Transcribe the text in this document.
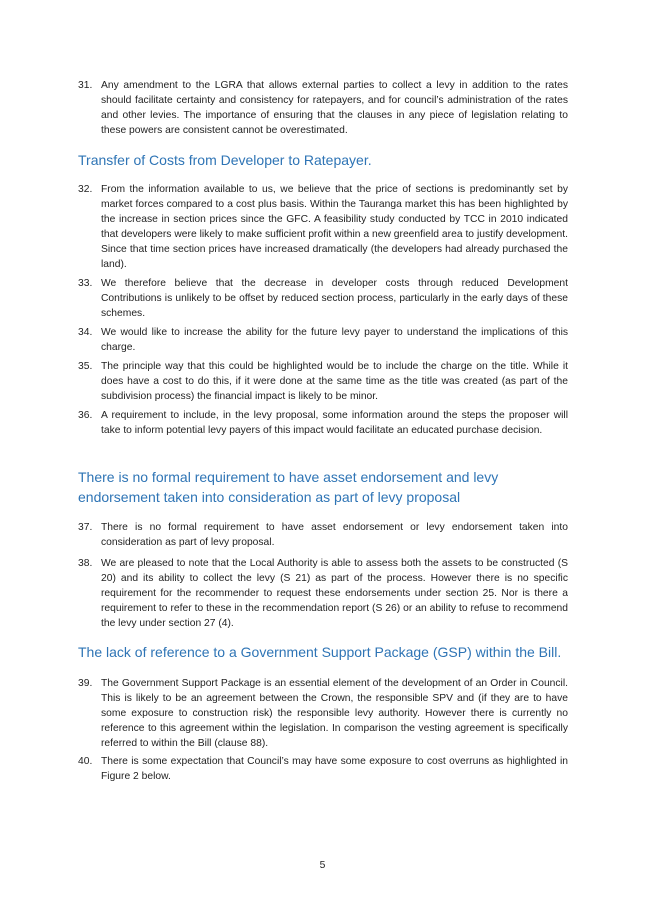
31. Any amendment to the LGRA that allows external parties to collect a levy in addition to the rates should facilitate certainty and consistency for ratepayers, and for council’s administration of the rates and other levies. The importance of ensuring that the clauses in any piece of legislation relating to these powers are consistent cannot be overestimated.
Transfer of Costs from Developer to Ratepayer.
32. From the information available to us, we believe that the price of sections is predominantly set by market forces compared to a cost plus basis. Within the Tauranga market this has been highlighted by the increase in section prices since the GFC. A feasibility study conducted by TCC in 2010 indicated that developers were likely to make sufficient profit within a new greenfield area to justify development. Since that time section prices have increased dramatically (the developers had already purchased the land).
33. We therefore believe that the decrease in developer costs through reduced Development Contributions is unlikely to be offset by reduced section process, particularly in the early days of these schemes.
34. We would like to increase the ability for the future levy payer to understand the implications of this charge.
35. The principle way that this could be highlighted would be to include the charge on the title. While it does have a cost to do this, if it were done at the same time as the title was created (as part of the subdivision process) the financial impact is likely to be minor.
36. A requirement to include, in the levy proposal, some information around the steps the proposer will take to inform potential levy payers of this impact would facilitate an educated purchase decision.
There is no formal requirement to have asset endorsement and levy endorsement taken into consideration as part of levy proposal
37. There is no formal requirement to have asset endorsement or levy endorsement taken into consideration as part of levy proposal.
38. We are pleased to note that the Local Authority is able to assess both the assets to be constructed (S 20) and its ability to collect the levy (S 21) as part of the process. However there is no specific requirement for the recommender to request these endorsements under section 25. Nor is there a requirement to refer to these in the recommendation report (S 26) or an ability to refuse to recommend the levy under section 27 (4).
The lack of reference to a Government Support Package (GSP) within the Bill.
39. The Government Support Package is an essential element of the development of an Order in Council. This is likely to be an agreement between the Crown, the responsible SPV and (if they are to have some exposure to construction risk) the responsible levy authority. However there is currently no reference to this agreement within the legislation. In comparison the vesting agreement is specifically referred to within the Bill (clause 88).
40. There is some expectation that Council’s may have some exposure to cost overruns as highlighted in Figure 2 below.
5
